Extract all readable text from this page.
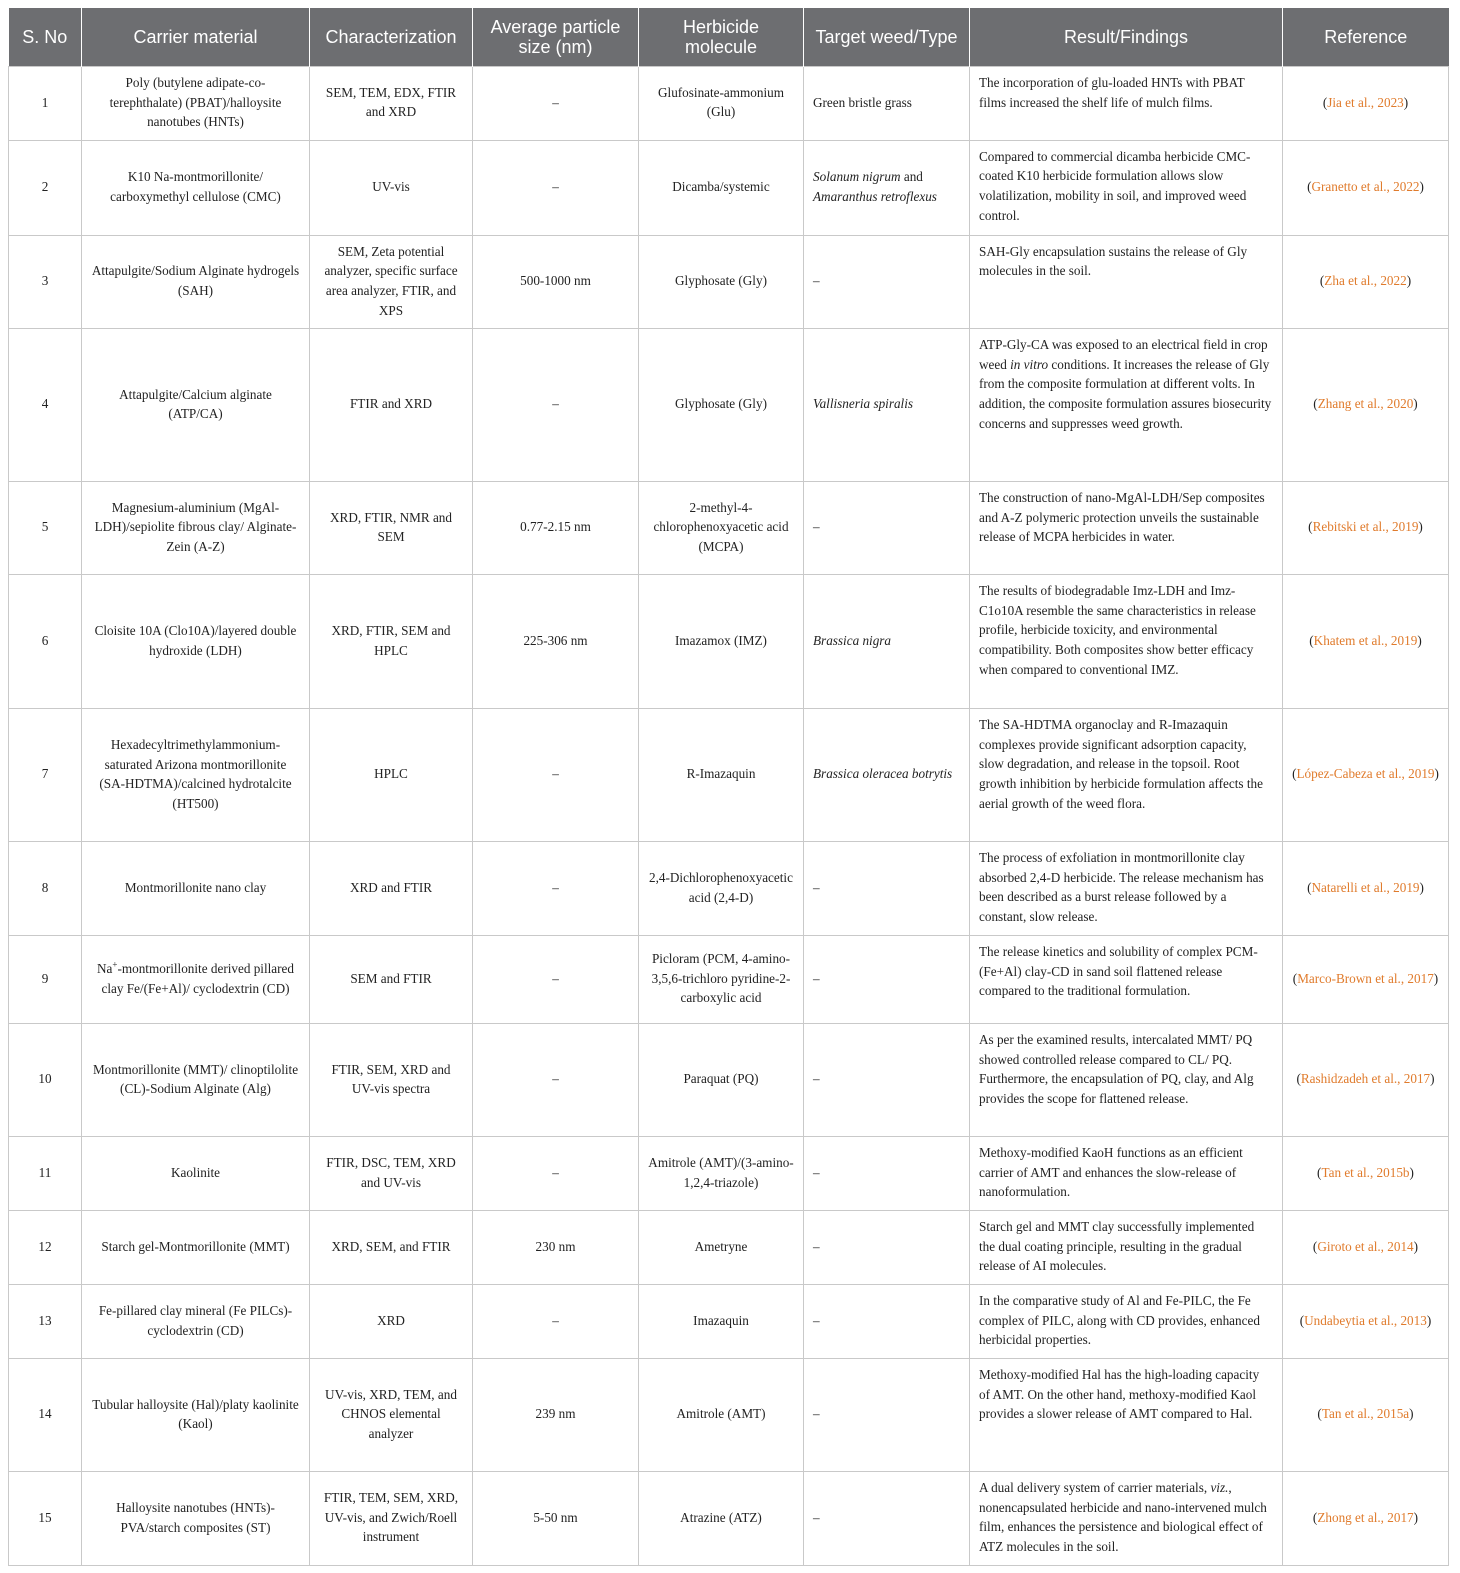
S. No	Carrier material	Characterization	Average particle size (nm)	Herbicide molecule	Target weed/Type	Result/Findings	Reference
1	Poly (butylene adipate-co-terephthalate) (PBAT)/halloysite nanotubes (HNTs)	SEM, TEM, EDX, FTIR and XRD	–	Glufosinate-ammonium (Glu)	Green bristle grass	The incorporation of glu-loaded HNTs with PBAT films increased the shelf life of mulch films.	(Jia et al., 2023)
2	K10 Na-montmorillonite/ carboxymethyl cellulose (CMC)	UV-vis	–	Dicamba/systemic	Solanum nigrum and Amaranthus retroflexus	Compared to commercial dicamba herbicide CMC-coated K10 herbicide formulation allows slow volatilization, mobility in soil, and improved weed control.	(Granetto et al., 2022)
3	Attapulgite/Sodium Alginate hydrogels (SAH)	SEM, Zeta potential analyzer, specific surface area analyzer, FTIR, and XPS	500-1000 nm	Glyphosate (Gly)	–	SAH-Gly encapsulation sustains the release of Gly molecules in the soil.	(Zha et al., 2022)
4	Attapulgite/Calcium alginate (ATP/CA)	FTIR and XRD	–	Glyphosate (Gly)	Vallisneria spiralis	ATP-Gly-CA was exposed to an electrical field in crop weed in vitro conditions. It increases the release of Gly from the composite formulation at different volts. In addition, the composite formulation assures biosecurity concerns and suppresses weed growth.	(Zhang et al., 2020)
5	Magnesium-aluminium (MgAl-LDH)/sepiolite fibrous clay/ Alginate- Zein (A-Z)	XRD, FTIR, NMR and SEM	0.77-2.15 nm	2-methyl-4-chlorophenoxyacetic acid (MCPA)	–	The construction of nano-MgAl-LDH/Sep composites and A-Z polymeric protection unveils the sustainable release of MCPA herbicides in water.	(Rebitski et al., 2019)
6	Cloisite 10A (Clo10A)/layered double hydroxide (LDH)	XRD, FTIR, SEM and HPLC	225-306 nm	Imazamox (IMZ)	Brassica nigra	The results of biodegradable Imz-LDH and Imz-C1o10A resemble the same characteristics in release profile, herbicide toxicity, and environmental compatibility. Both composites show better efficacy when compared to conventional IMZ.	(Khatem et al., 2019)
7	Hexadecyltrimethylammonium-saturated Arizona montmorillonite (SA-HDTMA)/calcined hydrotalcite (HT500)	HPLC	–	R-Imazaquin	Brassica oleracea botrytis	The SA-HDTMA organoclay and R-Imazaquin complexes provide significant adsorption capacity, slow degradation, and release in the topsoil. Root growth inhibition by herbicide formulation affects the aerial growth of the weed flora.	(López-Cabeza et al., 2019)
8	Montmorillonite nano clay	XRD and FTIR	–	2,4-Dichlorophenoxyacetic acid (2,4-D)	–	The process of exfoliation in montmorillonite clay absorbed 2,4-D herbicide. The release mechanism has been described as a burst release followed by a constant, slow release.	(Natarelli et al., 2019)
9	Na+-montmorillonite derived pillared clay Fe/(Fe+Al)/ cyclodextrin (CD)	SEM and FTIR	–	Picloram (PCM, 4-amino-3,5,6-trichloro pyridine-2-carboxylic acid	–	The release kinetics and solubility of complex PCM-(Fe+Al) clay-CD in sand soil flattened release compared to the traditional formulation.	(Marco-Brown et al., 2017)
10	Montmorillonite (MMT)/ clinoptilolite (CL)-Sodium Alginate (Alg)	FTIR, SEM, XRD and UV-vis spectra	–	Paraquat (PQ)	–	As per the examined results, intercalated MMT/ PQ showed controlled release compared to CL/ PQ. Furthermore, the encapsulation of PQ, clay, and Alg provides the scope for flattened release.	(Rashidzadeh et al., 2017)
11	Kaolinite	FTIR, DSC, TEM, XRD and UV-vis	–	Amitrole (AMT)/(3-amino-1,2,4-triazole)	–	Methoxy-modified KaoH functions as an efficient carrier of AMT and enhances the slow-release of nanoformulation.	(Tan et al., 2015b)
12	Starch gel-Montmorillonite (MMT)	XRD, SEM, and FTIR	230 nm	Ametryne	–	Starch gel and MMT clay successfully implemented the dual coating principle, resulting in the gradual release of AI molecules.	(Giroto et al., 2014)
13	Fe-pillared clay mineral (Fe PILCs)-cyclodextrin (CD)	XRD	–	Imazaquin	–	In the comparative study of Al and Fe-PILC, the Fe complex of PILC, along with CD provides, enhanced herbicidal properties.	(Undabeytia et al., 2013)
14	Tubular halloysite (Hal)/platy kaolinite (Kaol)	UV-vis, XRD, TEM, and CHNOS elemental analyzer	239 nm	Amitrole (AMT)	–	Methoxy-modified Hal has the high-loading capacity of AMT. On the other hand, methoxy-modified Kaol provides a slower release of AMT compared to Hal.	(Tan et al., 2015a)
15	Halloysite nanotubes (HNTs)-PVA/starch composites (ST)	FTIR, TEM, SEM, XRD, UV-vis, and Zwich/Roell instrument	5-50 nm	Atrazine (ATZ)	–	A dual delivery system of carrier materials, viz., nonencapsulated herbicide and nano-intervened mulch film, enhances the persistence and biological effect of ATZ molecules in the soil.	(Zhong et al., 2017)
